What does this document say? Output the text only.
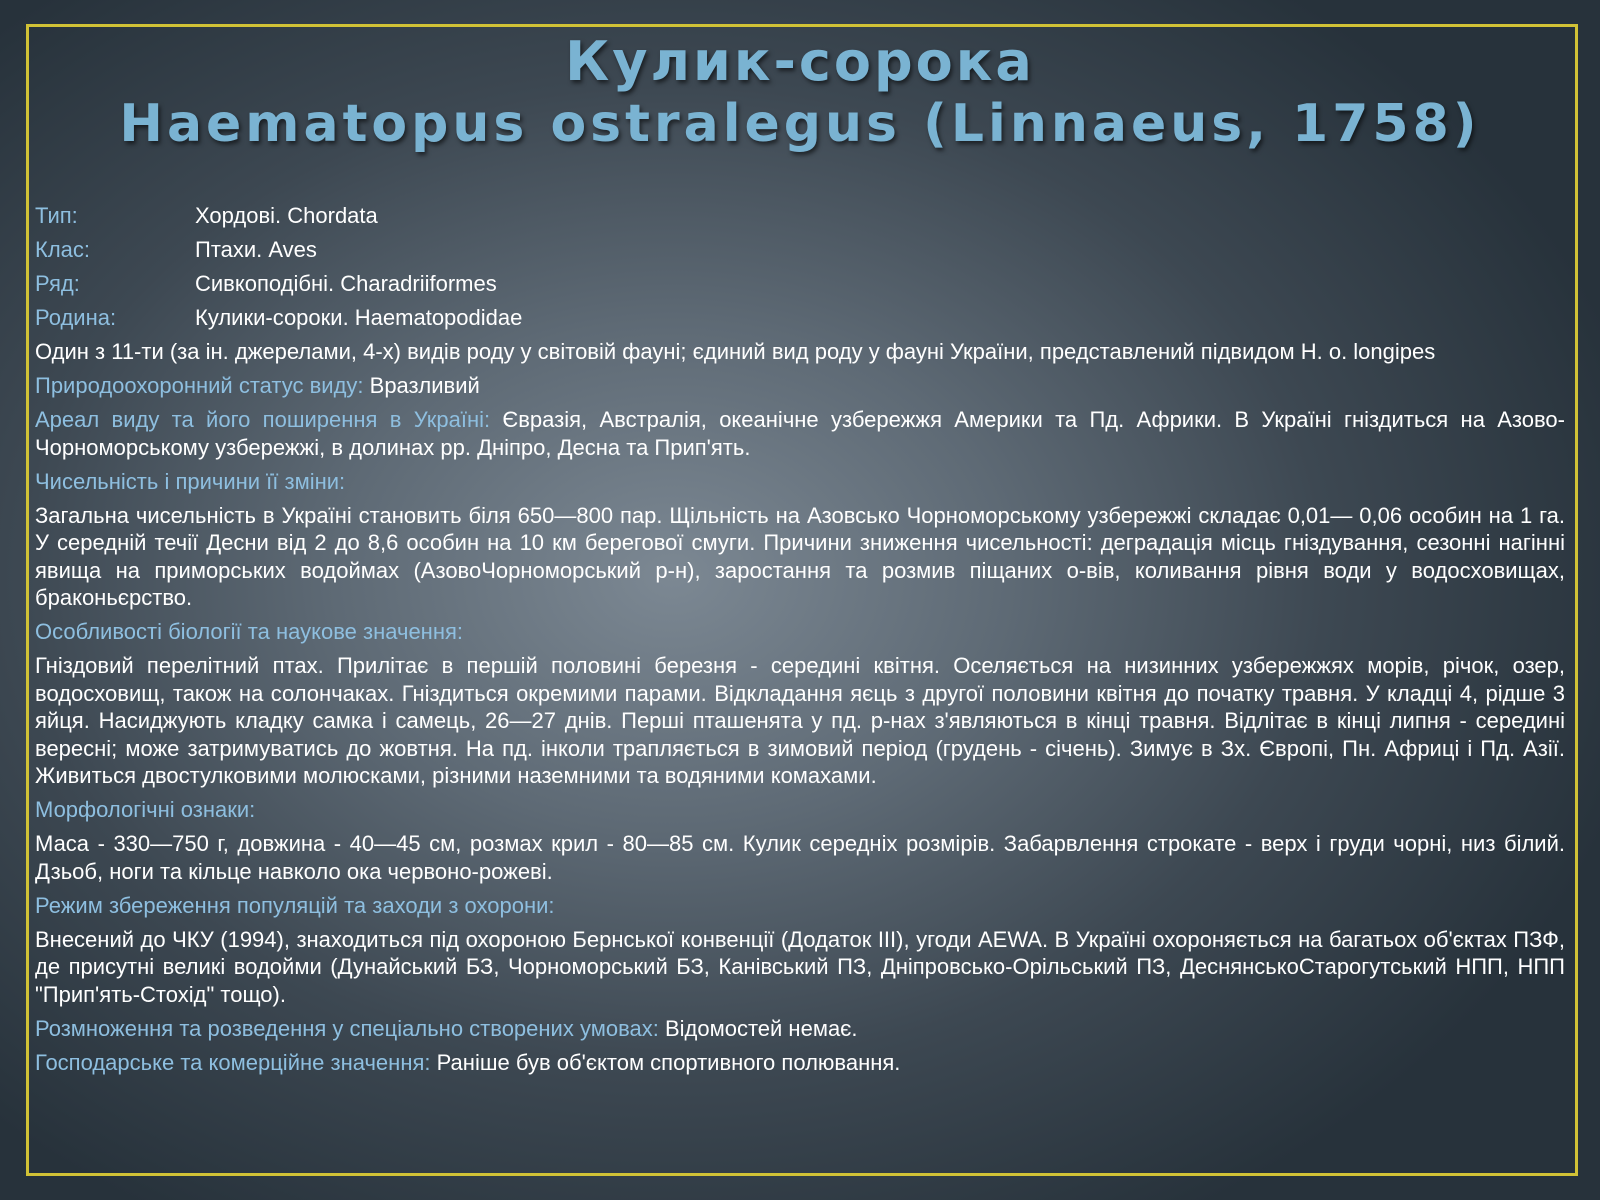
Кулик-сорока
Haematopus ostralegus (Linnaeus, 1758)
Тип:	Хордові. Chordata
Клас:	Птахи. Aves
Ряд:	Сивкоподібні. Charadriiformes
Родина:	Кулики-сороки. Haematopodidae
Один з 11-ти (за ін. джерелами, 4-х) видів роду у світовій фауні; єдиний вид роду у фауні України, представлений підвидом H. o. longipes
Природоохоронний статус виду: Вразливий
Ареал виду та його поширення в Україні: Євразія, Австралія, океанічне узбережжя Америки та Пд. Африки. В Україні гніздиться на Азово-Чорноморському узбережжі, в долинах рр. Дніпро, Десна та Прип'ять.
Чисельність і причини її зміни:
Загальна чисельність в Україні становить біля 650—800 пар. Щільність на Азовсько Чорноморському узбережжі складає 0,01— 0,06 особин на 1 га. У середній течії Десни від 2 до 8,6 особин на 10 км берегової смуги. Причини зниження чисельності: деградація місць гніздування, сезонні нагінні явища на приморських водоймах (АзовоЧорноморський р-н), заростання та розмив піщаних о-вів, коливання рівня води у водосховищах, браконьєрство.
Особливості біології та наукове значення:
Гніздовий перелітний птах. Прилітає в першій половині березня - середині квітня. Оселяється на низинних узбережжях морів, річок, озер, водосховищ, також на солончаках. Гніздиться окремими парами. Відкладання яєць з другої половини квітня до початку травня. У кладці 4, рідше 3 яйця. Насиджують кладку самка і самець, 26—27 днів. Перші пташенята у пд. р-нах з'являються в кінці травня. Відлітає в кінці липня - середині вересні; може затримуватись до жовтня. На пд. інколи трапляється в зимовий період (грудень - січень). Зимує в Зх. Європі, Пн. Африці і Пд. Азії. Живиться двостулковими молюсками, різними наземними та водяними комахами.
Морфологічні ознаки:
Маса - 330—750 г, довжина - 40—45 см, розмах крил - 80—85 см. Кулик середніх розмірів. Забарвлення строкате - верх і груди чорні, низ білий. Дзьоб, ноги та кільце навколо ока червоно-рожеві.
Режим збереження популяцій та заходи з охорони:
Внесений до ЧКУ (1994), знаходиться під охороною Бернської конвенції (Додаток III), угоди AEWA. В Україні охороняється на багатьох об'єктах ПЗФ, де присутні великі водойми (Дунайський БЗ, Чорноморський БЗ, Канівський ПЗ, Дніпровсько-Орільський ПЗ, ДеснянськоСтарогутський НПП, НПП "Прип'ять-Стохід" тощо).
Розмноження та розведення у спеціально створених умовах: Відомостей немає.
Господарське та комерційне значення: Раніше був об'єктом спортивного полювання.
